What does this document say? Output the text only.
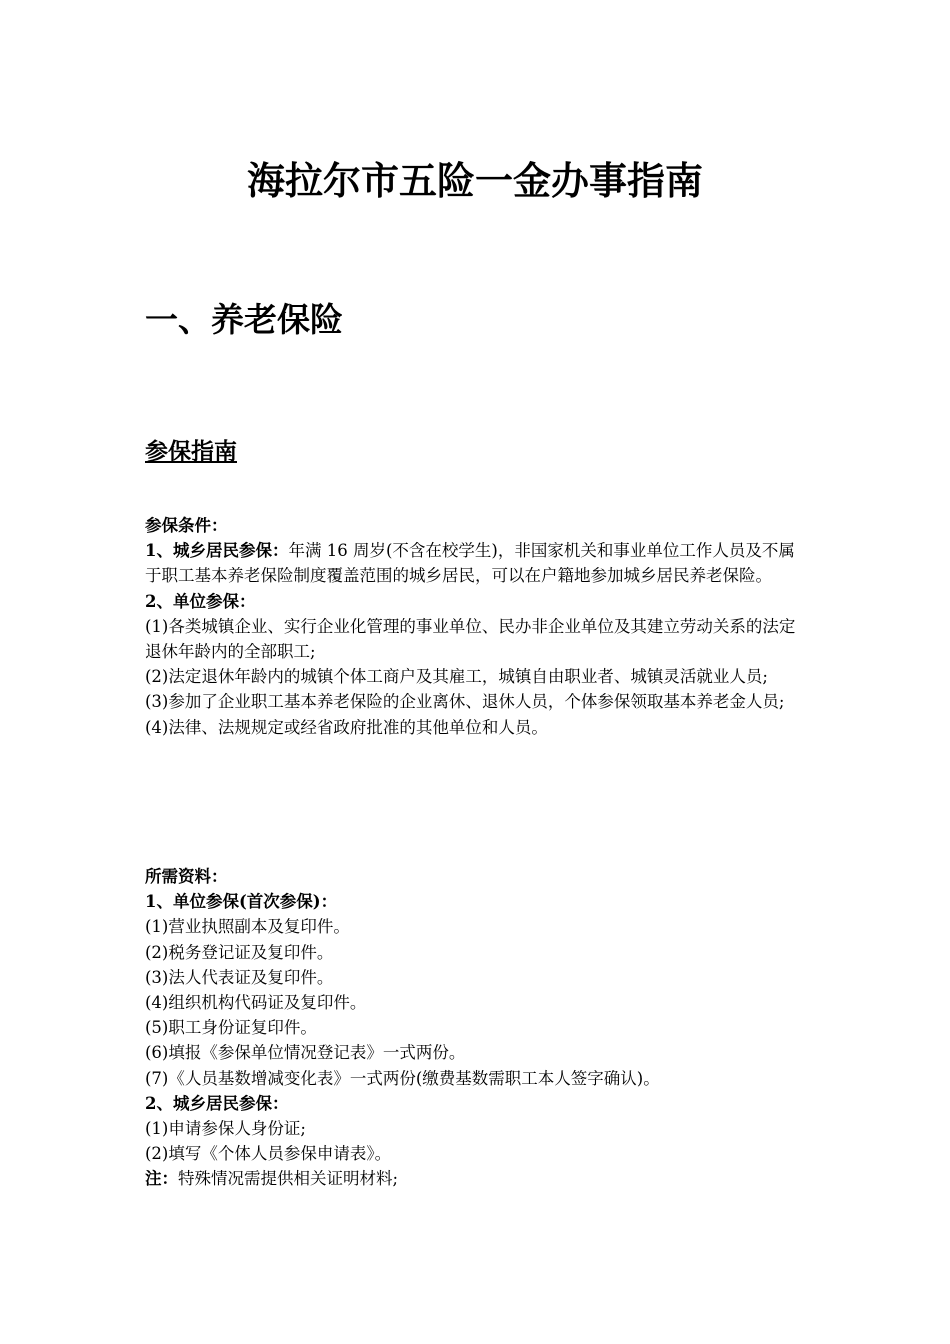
海拉尔市五险一金办事指南
一、养老保险
参保指南

参保条件：

1、城乡居民参保：年满 16 周岁(不含在校学生)，非国家机关和事业单位工作人员及不属于职工基本养老保险制度覆盖范围的城乡居民，可以在户籍地参加城乡居民养老保险。

2、单位参保：

(1)各类城镇企业、实行企业化管理的事业单位、民办非企业单位及其建立劳动关系的法定退休年龄内的全部职工;

(2)法定退休年龄内的城镇个体工商户及其雇工，城镇自由职业者、城镇灵活就业人员;

(3)参加了企业职工基本养老保险的企业离休、退休人员，个体参保领取基本养老金人员;

(4)法律、法规规定或经省政府批准的其他单位和人员。

所需资料：

1、单位参保(首次参保)：

(1)营业执照副本及复印件。

(2)税务登记证及复印件。

(3)法人代表证及复印件。

(4)组织机构代码证及复印件。

(5)职工身份证复印件。

(6)填报《参保单位情况登记表》一式两份。

(7)《人员基数增减变化表》一式两份(缴费基数需职工本人签字确认)。

2、城乡居民参保：

(1)申请参保人身份证;

(2)填写《个体人员参保申请表》。

注：特殊情况需提供相关证明材料;
